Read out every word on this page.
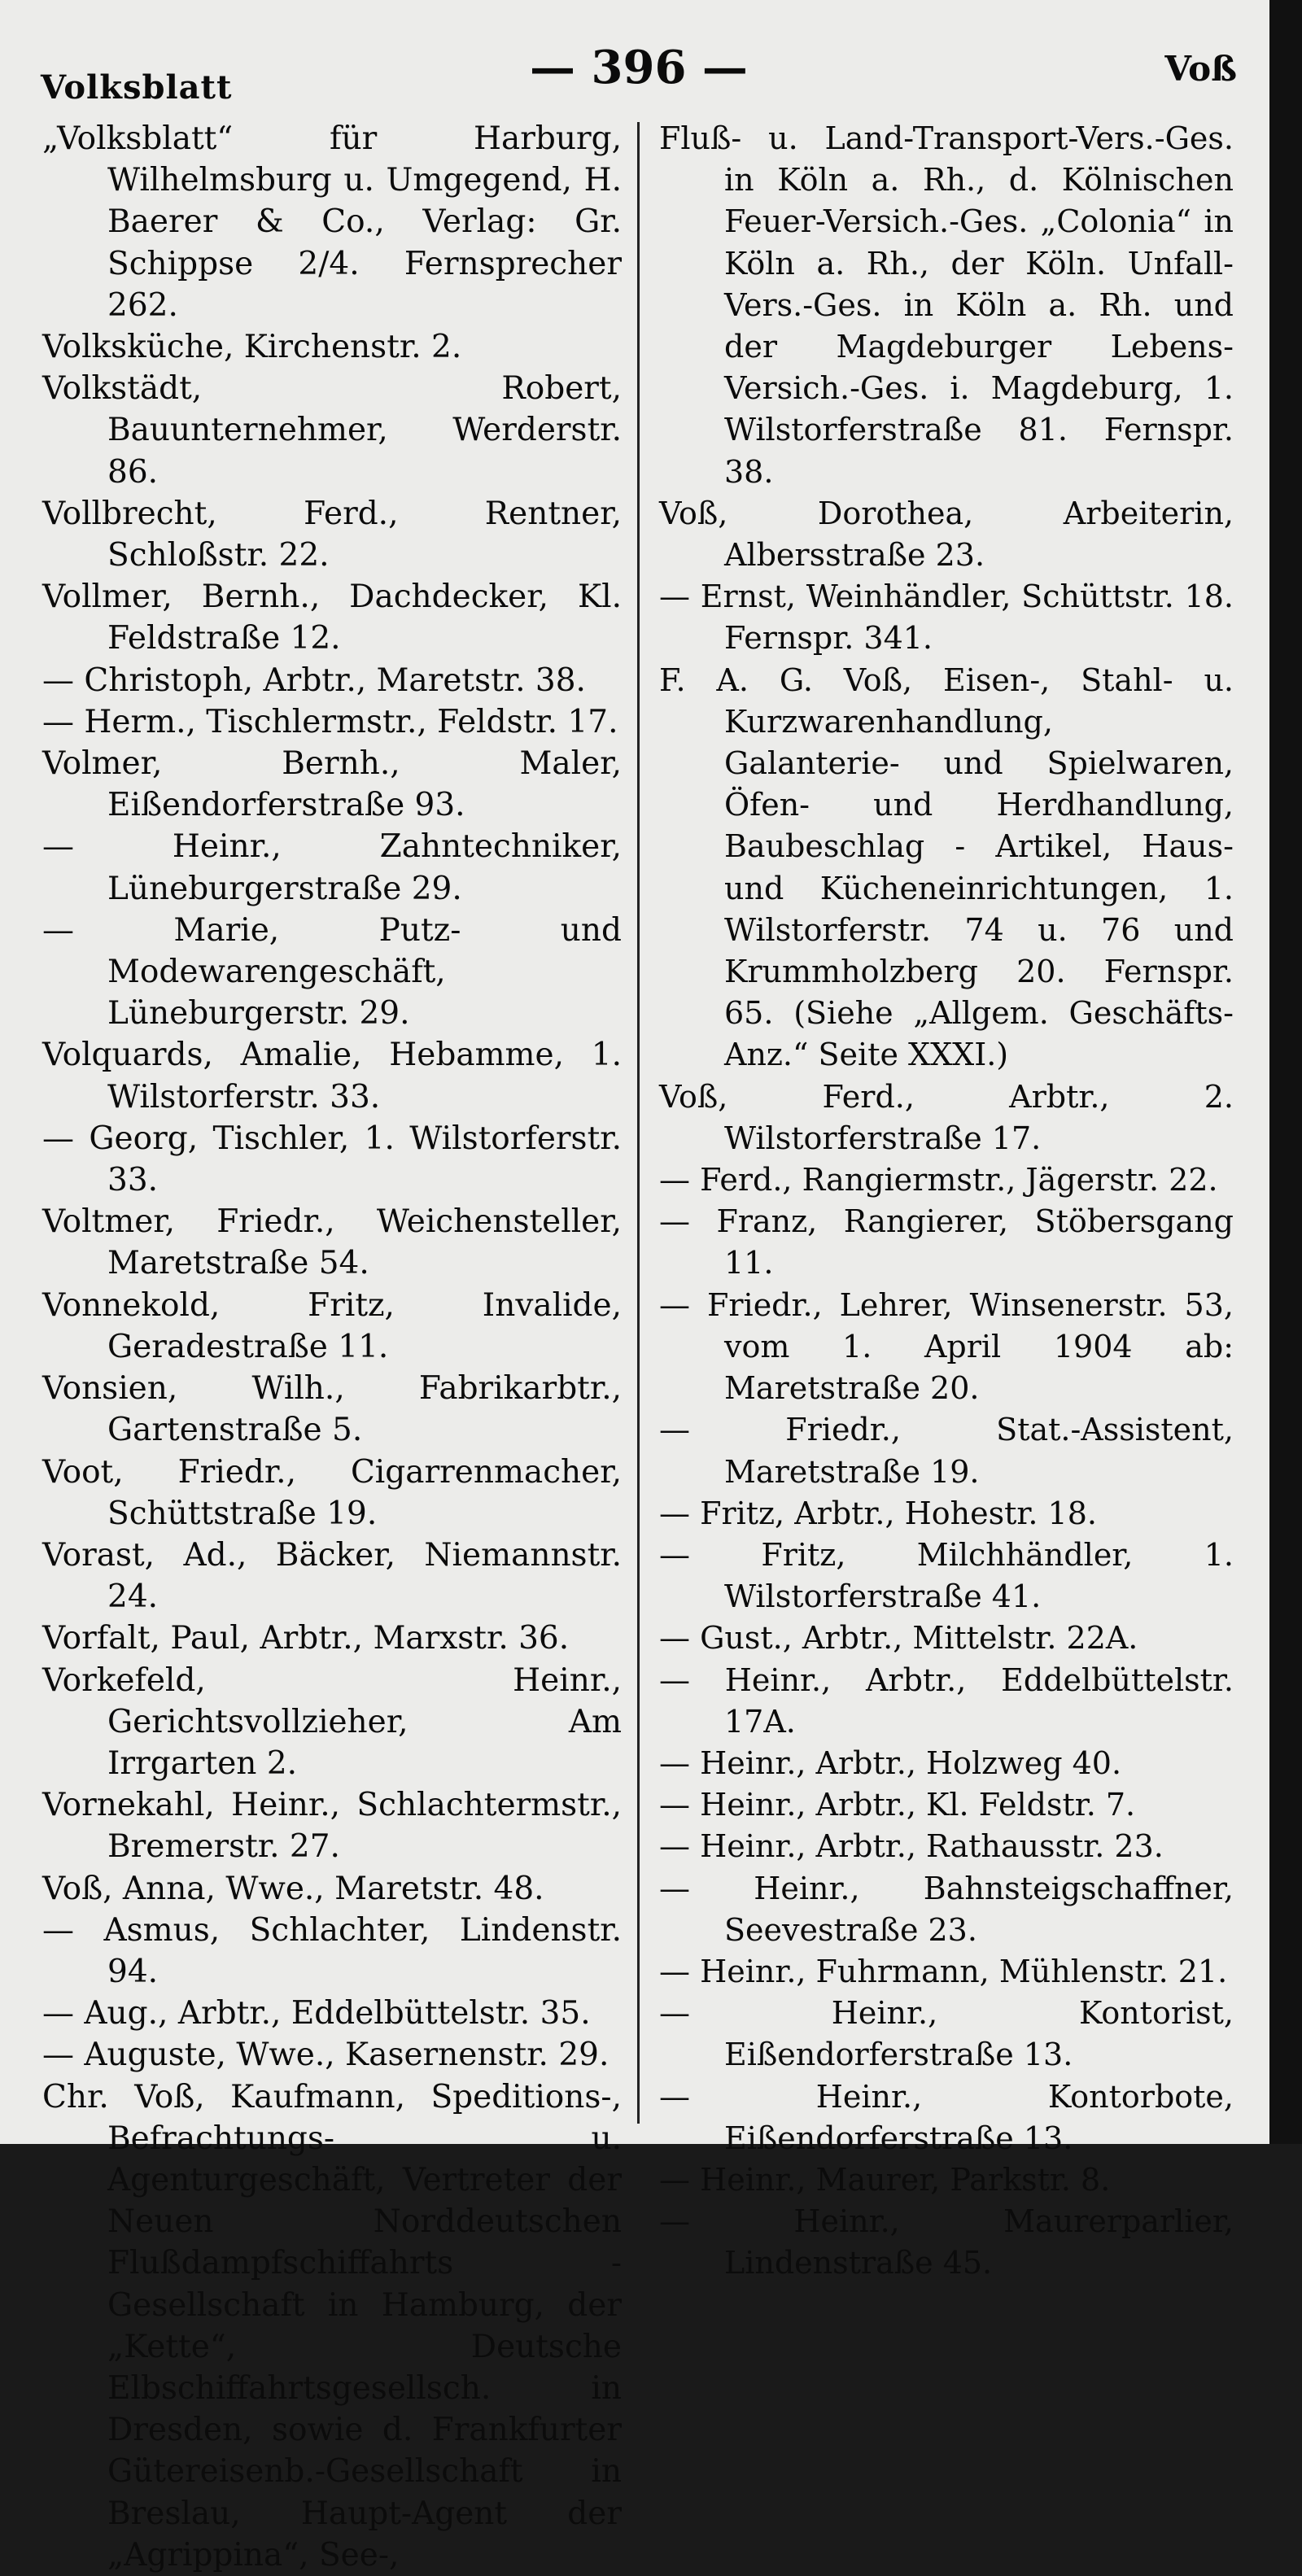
Volksblatt	— 396 —	Voß

„Volksblatt“ für Harburg, Wilhelmsburg u. Umgegend, H. Baerer & Co., Verlag: Gr. Schippse 2/4. Fernsprecher 262.

Volksküche, Kirchenstr. 2.

Volkstädt, Robert, Bauunternehmer, Werderstr. 86.

Vollbrecht, Ferd., Rentner, Schloßstr. 22.

Vollmer, Bernh., Dachdecker, Kl. Feldstraße 12.

— Christoph, Arbtr., Maretstr. 38.

— Herm., Tischlermstr., Feldstr. 17.

Volmer, Bernh., Maler, Eißendorferstraße 93.

— Heinr., Zahntechniker, Lüneburgerstraße 29.

— Marie, Putz- und Modewarengeschäft, Lüneburgerstr. 29.

Volquards, Amalie, Hebamme, 1. Wilstorferstr. 33.

— Georg, Tischler, 1. Wilstorferstr. 33.

Voltmer, Friedr., Weichensteller, Maretstraße 54.

Vonnekold, Fritz, Invalide, Geradestraße 11.

Vonsien, Wilh., Fabrikarbtr., Gartenstraße 5.

Voot, Friedr., Cigarrenmacher, Schüttstraße 19.

Vorast, Ad., Bäcker, Niemannstr. 24.

Vorfalt, Paul, Arbtr., Marxstr. 36.

Vorkefeld, Heinr., Gerichtsvollzieher, Am Irrgarten 2.

Vornekahl, Heinr., Schlachtermstr., Bremerstr. 27.

Voß, Anna, Wwe., Maretstr. 48.

— Asmus, Schlachter, Lindenstr. 94.

— Aug., Arbtr., Eddelbüttelstr. 35.

— Auguste, Wwe., Kasernenstr. 29.

Chr. Voß, Kaufmann, Speditions-, Befrachtungs- u. Agenturgeschäft, Vertreter der Neuen Norddeutschen Flußdampfschiffahrts - Gesellschaft in Hamburg, der „Kette“, Deutsche Elbschiffahrtsgesellsch. in Dresden, sowie d. Frankfurter Gütereisenb.-Gesellschaft in Breslau, Haupt-Agent der „Agrippina“, See-,

Fluß- u. Land-Transport-Vers.-Ges. in Köln a. Rh., d. Kölnischen Feuer-Versich.-Ges. „Colonia“ in Köln a. Rh., der Köln. Unfall-Vers.-Ges. in Köln a. Rh. und der Magdeburger Lebens-Versich.-Ges. i. Magdeburg, 1. Wilstorferstraße 81. Fernspr. 38.

Voß, Dorothea, Arbeiterin, Albersstraße 23.

— Ernst, Weinhändler, Schüttstr. 18. Fernspr. 341.

F. A. G. Voß, Eisen-, Stahl- u. Kurzwarenhandlung, Galanterie- und Spielwaren, Öfen- und Herdhandlung, Baubeschlag - Artikel, Haus- und Kücheneinrichtungen, 1. Wilstorferstr. 74 u. 76 und Krummholzberg 20. Fernspr. 65. (Siehe „Allgem. Geschäfts-Anz.“ Seite XXXI.)

Voß, Ferd., Arbtr., 2. Wilstorferstraße 17.

— Ferd., Rangiermstr., Jägerstr. 22.

— Franz, Rangierer, Stöbersgang 11.

— Friedr., Lehrer, Winsenerstr. 53, vom 1. April 1904 ab: Maretstraße 20.

— Friedr., Stat.-Assistent, Maretstraße 19.

— Fritz, Arbtr., Hohestr. 18.

— Fritz, Milchhändler, 1. Wilstorferstraße 41.

— Gust., Arbtr., Mittelstr. 22A.

— Heinr., Arbtr., Eddelbüttelstr. 17A.

— Heinr., Arbtr., Holzweg 40.

— Heinr., Arbtr., Kl. Feldstr. 7.

— Heinr., Arbtr., Rathausstr. 23.

— Heinr., Bahnsteigschaffner, Seevestraße 23.

— Heinr., Fuhrmann, Mühlenstr. 21.

— Heinr., Kontorist, Eißendorferstraße 13.

— Heinr., Kontorbote, Eißendorferstraße 13.

— Heinr., Maurer, Parkstr. 8.

— Heinr., Maurerparlier, Lindenstraße 45.
